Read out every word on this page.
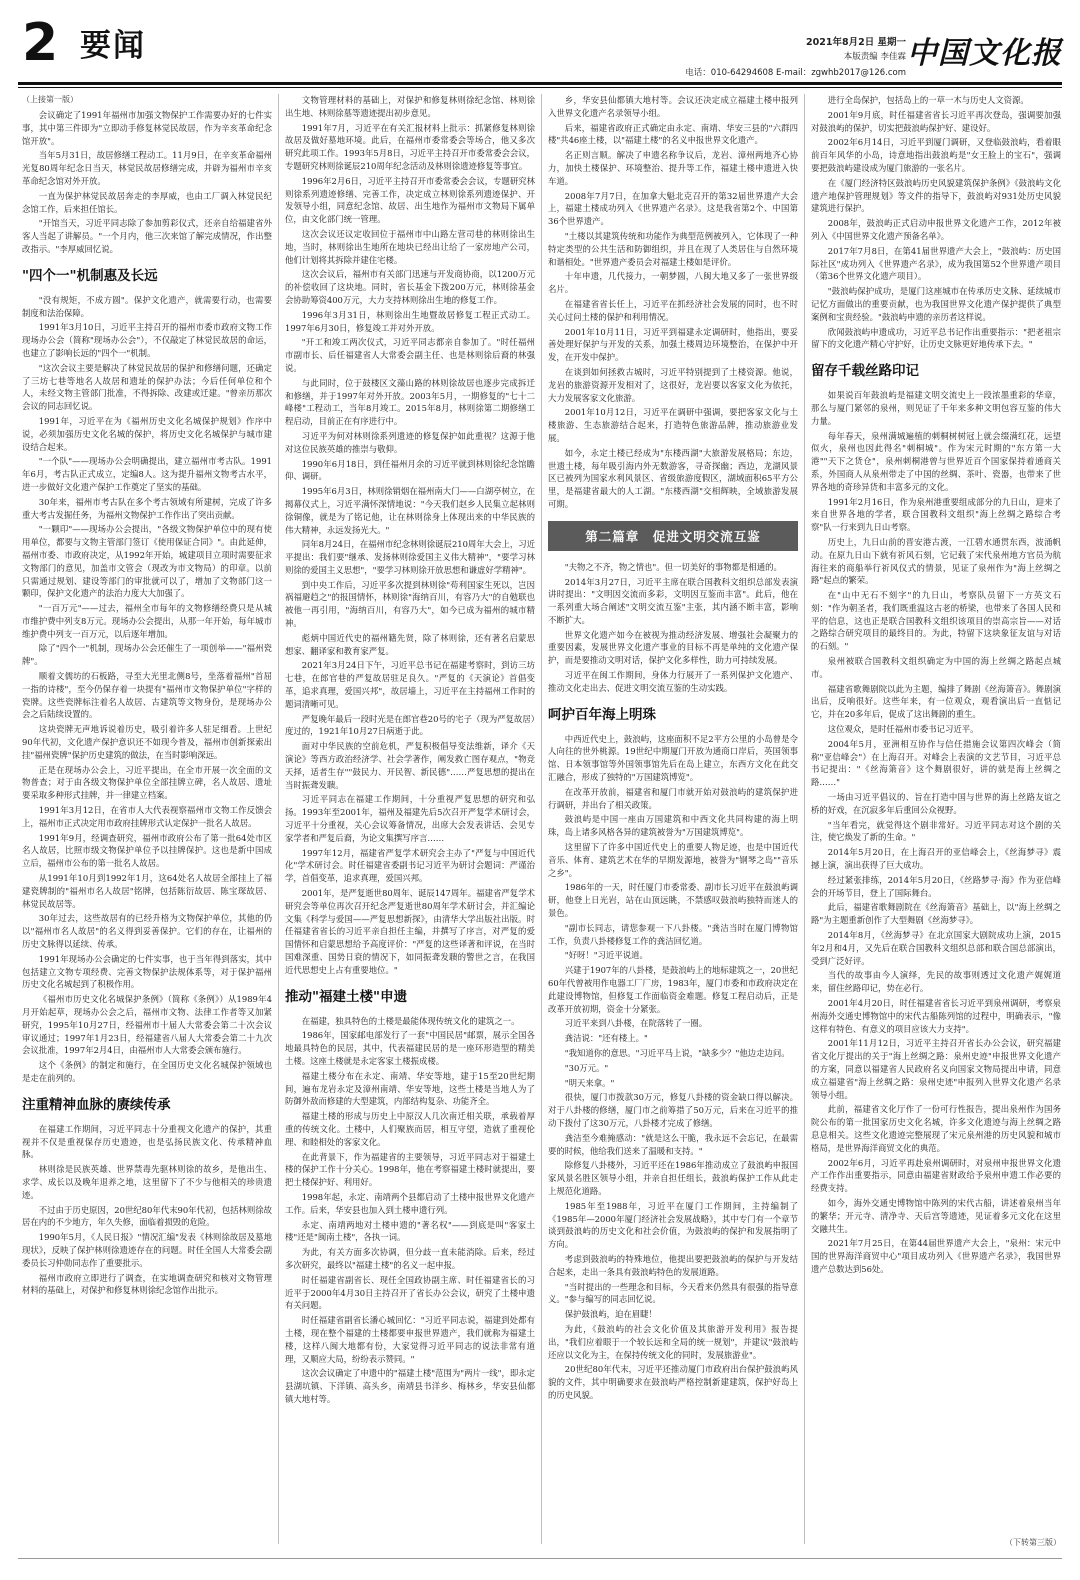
2 要闻	2021年8月2日 星期一
本版责编 李佳霖
电话：010-64294608 E-mail：zgwhb2017@126.com
中国文化报
（上接第一版）

会议确定了1991年福州市加强文物保护工作需要办好的七件实事，其中第三件即为"立即动手修复林觉民故居，作为辛亥革命纪念馆开放"。

当年5月31日，故居修缮工程动工。11月9日，在辛亥革命福州光复80周年纪念日当天，林觉民故居修缮完成，并辟为福州市辛亥革命纪念馆对外开放。

一直为保护林觉民故居奔走的李厚威，也由工厂调入林觉民纪念馆工作，后来担任馆长。

"开馆当天，习近平同志除了参加剪彩仪式，还亲自给福建省外客人当起了讲解员。"一个月内，他三次来馆了解完成情况，作出整改指示。"李厚威回忆说。

"四个一"机制惠及长远

"没有规矩，不成方圆"。保护文化遗产，就需要行动，也需要制度和法治保障。

1991年3月10日，习近平主持召开的福州市委市政府文物工作现场办公会（简称"现场办公会"），不仅敲定了林觉民故居的命运，也建立了影响长远的"四个一"机制。

"这次会议主要是解决了林觉民故居的保护和修缮问题，还确定了三坊七巷等地名人故居和遗址的保护办法；今后任何单位和个人，未经文物主管部门批准，不得拆除、改建或迁建。"曾亲历那次会议的同志回忆说。

1991年，习近平在为《福州历史文化名城保护规划》作序中说，必须加强历史文化名城的保护，将历史文化名城保护与城市建设结合起来。

"一个队"——现场办公会明确提出，建立福州市考古队。1991年6月，考古队正式成立，定编8人。这为提升福州文物考古水平，进一步做好文化遗产保护工作奠定了坚实的基础。

30年来，福州市考古队在多个考古领域有所建树，完成了许多重大考古发掘任务，为福州文物保护工作作出了突出贡献。

"一颗印"——现场办公会提出，"各级文物保护单位中的现有使用单位，都要与文物主管部门签订《使用保证合同》"。由此延伸，福州市委、市政府决定，从1992年开始，城建项目立项时需要征求文物部门的意见，加盖市文管会（现改为市文物局）的印章。以前只需通过规划、建设等部门的审批就可以了，增加了文物部门这一颗印，保护文化遗产的法治力度大大加强了。

"一百万元"——过去，福州全市每年的文物修缮经费只是从城市维护费中列支8万元。现场办公会提出，从那一年开始，每年城市维护费中列支一百万元，以后逐年增加。

除了"四个一"机制，现场办公会还催生了一项创举——"福州瓷牌"。

顺着文儒坊的石板路，寻至大光里北侧8号，坐落着福州"首屈一指的诗楼"，至今仍保存着一块提有"福州市文物保护单位"字样的瓷牌。这些瓷牌标注着名人故居、古建筑等文物身份，是现场办公会之后陆续设置的。

这块瓷牌无声地诉说着历史，吸引着许多人驻足细看。上世纪90年代初，文化遗产保护意识还不如现今普及，福州市创新探索出挂"福州瓷牌"保护历史建筑的做法，在当时影响深远。

正是在现场办公会上，习近平提出，在全市开展一次全面的文物普查；对于由各级文物保护单位全部挂牌立碑，名人故居、遗址要采取多种形式挂牌，并一律建立档案。

1991年3月12日，在省市人大代表视察福州市文物工作反馈会上，福州市正式决定用市政府挂牌形式认定保护一批名人故居。

1991年9月，经调查研究，福州市政府公布了第一批64处市区名人故居，比照市级文物保护单位予以挂牌保护。这也是新中国成立后，福州市公布的第一批名人故居。

从1991年10月到1992年1月，这64处名人故居全部挂上了福建瓷牌制的"福州市名人故居"铭牌，包括陈衍故居、陈宝琛故居、林觉民故居等。

30年过去，这些故居有的已经升格为文物保护单位，其他的仍以"福州市名人故居"的名义得到妥善保护。它们的存在，让福州的历史文脉得以延续、传承。

1991年现场办公会确定的七件实事，也于当年得到落实，其中包括建立文物专项经费、完善文物保护法规体系等，对于保护福州历史文化名城起到了积极作用。

《福州市历史文化名城保护条例》（简称《条例》）从1989年4月开始起草，现场办公会之后，福州市文物、法律工作者等又加紧研究，1995年10月27日，经福州市十届人大常委会第二十次会议审议通过；1997年1月23日，经福建省八届人大常委会第二十九次会议批准，1997年2月4日，由福州市人大常委会颁布施行。

这个《条例》的制定和施行，在全国历史文化名城保护领域也是走在前列的。

注重精神血脉的赓续传承

在福建工作期间，习近平同志十分重视文化遗产的保护，其重视并不仅是重视保存历史遗迹，也是弘扬民族文化、传承精神血脉。

林则徐是民族英雄、世界禁毒先驱林则徐的故乡，是他出生、求学、成长以及晚年退养之地，这里留下了不少与他相关的珍贵遗迹。

不过由于历史原因，20世纪80年代末90年代初，包括林则徐故居在内的不少地方，年久失修，面临着损毁的危险。

1990年5月，《人民日报》"情况汇编"发表《林则徐故居及墓地现状》，反映了保护林则徐遗迹存在的问题。时任全国人大常委会副委员长习仲勋同志作了重要批示。

福州市政府立即进行了调查，在实地调查研究和核对文物管理材料的基础上，对保护和修复林则徐纪念馆作出批示。

文物管理材料的基础上，对保护和修复林则徐纪念馆、林则徐出生地、林则徐墓等遗迹提出初步意见。

1991年7月，习近平在有关汇报材料上批示：抓紧修复林则徐故居及做好墓地环境。此后，在福州市委常委会等场合，他又多次研究此项工作。1993年5月8日，习近平主持召开市委常委会会议，专题研究林则徐诞辰210周年纪念活动及林则徐遗迹修复等事宜。

1996年2月6日，习近平主持召开市委常委会会议，专题研究林则徐系列遗迹修缮、完善工作，决定成立林则徐系列遗迹保护、开发领导小组，同意纪念馆、故居、出生地作为福州市文物局下属单位，由文化部门统一管理。

这次会议还议定收回位于福州市中山路左营司巷的林则徐出生地，当时，林则徐出生地所在地块已经出让给了一家房地产公司，他们计划将其拆除并建住宅楼。

这次会议后，福州市有关部门迅速与开发商协商，以1200万元的补偿收回了这块地。同时，省长基金下拨200万元，林则徐基金会协助筹资400万元，大力支持林则徐出生地的修复工作。

1996年3月31日，林则徐出生地暨故居修复工程正式动工。1997年6月30日，修复竣工并对外开放。

"开工和竣工两次仪式，习近平同志都亲自参加了。"时任福州市副市长、后任福建省人大常委会副主任、也是林则徐后裔的林强说。

与此同时，位于鼓楼区文藻山路的林则徐故居也逐步完成拆迁和修缮，并于1997年对外开放。2003年5月，一期修复的"七十二峰楼"工程动工，当年8月竣工。2015年8月，林则徐第二期修缮工程启动，目前正在有序进行中。

习近平为何对林则徐系列遗迹的修复保护如此重视？这源于他对这位民族英雄的推崇与敬仰。

1990年6月18日，到任福州月余的习近平就到林则徐纪念馆瞻仰、调研。

1995年6月3日，林则徐销烟在福州南大门——白湖亭树立，在揭幕仪式上，习近平满怀深情地说："今天我们赵乡人民集立起林则徐铜像，就是为了铭记他，让在林则徐身上体现出来的中华民族的伟大精神，永远发扬光大。"

同年8月24日，在福州市纪念林则徐诞辰210周年大会上，习近平提出：我们要"继承、发扬林则徐爱国主义伟大精神"，"要学习林则徐的爱国主义思想"，"要学习林则徐开放思想和谦虚好学精神"。

到中央工作后，习近平多次提到林则徐"苟利国家生死以，岂因祸福避趋之"的报国情怀，林则徐"海纳百川，有容乃大"的自勉联也被他一再引用，"海纳百川，有容乃大"，如今已成为福州的城市精神。

彪炳中国近代史的福州籍先贤，除了林则徐，还有著名启蒙思想家、翻译家和教育家严复。

2021年3月24日下午，习近平总书记在福建考察时，到访三坊七巷，在郎官巷的严复故居驻足良久。"严复的《天演论》首倡变革，追求真理，爱国兴邦"，故居墙上，习近平在主持福州工作时的题词清晰可见。

严复晚年最后一段时光是在郎官巷20号的宅子（现为严复故居）度过的，1921年10月27日病逝于此。

面对中华民族的空前危机，严复积极倡导变法维新，译介《天演论》等西方政治经济学、社会学著作，阐发救亡图存观点，"物竞天择，适者生存""鼓民力、开民智、新民德"……严复思想的提出在当时振聋发聩。

习近平同志在福建工作期间，十分重视严复思想的研究和弘扬。1993年至2001年，福州及福建先后5次召开严复学术研讨会，习近平十分重视，关心会议筹备情况，出席大会发表讲话、会见专家学者和严复后裔，为论文集撰写序言……

1997年12月，福建省严复学术研究会主办了"严复与中国近代化"学术研讨会。时任福建省委副书记习近平为研讨会题词：严谨治学，首倡变革，追求真理，爱国兴邦。

2001年，是严复逝世80周年、诞辰147周年。福建省严复学术研究会等单位再次召开纪念严复逝世80周年学术研讨会，并汇编论文集《科学与爱国——严复思想新探》，由清华大学出版社出版。时任福建省省长的习近平亲自担任主编，并撰写了序言，对严复的爱国情怀和启蒙思想给予高度评价："严复的这些译著和评说，在当时国难深重、国势日衰的情况下，如同振聋发聩的警世之言，在我国近代思想史上占有重要地位。"

推动"福建土楼"申遗

在福建，独具特色的土楼是最能体现传统文化的建筑之一。

1986年，国家邮电部发行了一套"中国民居"邮票，展示全国各地最具特色的民居，其中，代表福建民居的是一座环形造型的精美土楼。这座土楼就是永定客家土楼振成楼。

福建土楼分布在永定、南靖、华安等地，建于15至20世纪期间，遍布龙岩永定及漳州南靖、华安等地，这些土楼是当地人为了防御外敌而修建的大型建筑，内部结构复杂、功能齐全。

福建土楼的形成与历史上中原汉人几次南迁相关联，承载着厚重的传统文化。土楼中，人们聚族而居，相互守望，造就了重视伦理、和睦相处的客家文化。

在此背景下，作为福建省的主要领导，习近平同志对于福建土楼的保护工作十分关心。1998年，他在考察福建土楼时就提出，要把土楼保护好、利用好。

1998年起，永定、南靖两个县都启动了土楼申报世界文化遗产工作。后来，华安县也加入到土楼申遗行列。

永定、南靖两地对土楼申遗的"著名权"——到底是叫"客家土楼"还是"闽南土楼"，各执一词。

为此，有关方面多次协调，但分歧一直未能消除。后来，经过多次研究，最终以"福建土楼"的名义一起申报。

时任福建省副省长、现任全国政协副主席、时任福建省长的习近平于2000年4月30日主持召开了省长办公会议，研究了土楼申遗有关问题。

时任福建省副省长潘心城回忆："习近平同志说，福建到处都有土楼，现在整个福建的土楼都要申报世界遗产，我们就称为福建土楼，这样八闽大地都有份，大家觉得习近平同志的说法非常有道理，又顺应大局，纷纷表示赞同。"

这次会议确定了申遗中的"福建土楼"范围为"两片一线"，即永定县湖坑镇、下洋镇、高头乡，南靖县书洋乡、梅林乡，华安县仙都镇大地村等。

乡，华安县仙都镇大地村等。会议还决定成立福建土楼申报列入世界文化遗产名录领导小组。

后来，福建省政府正式确定由永定、南靖、华安三县的"六群四楼"共46座土楼，以"福建土楼"的名义申报世界文化遗产。

名正则言顺。解决了申遗名称争议后，龙岩、漳州两地齐心协力，加快土楼保护、环境整治、提升等工作，福建土楼申遗进入快车道。

2008年7月7日，在加拿大魁北克召开的第32届世界遗产大会上，福建土楼成功列入《世界遗产名录》。这是我省第2个、中国第36个世界遗产。

"土楼以其建筑传统和功能作为典型范例被列入，它体现了一种特定类型的公共生活和防御组织，并且在现了人类居住与自然环境和谐相处。"世界遗产委员会对福建土楼如是评价。

十年申遗，几代接力，一朝梦圆，八闽大地又多了一张世界级名片。

在福建省省长任上，习近平在抓经济社会发展的同时，也不时关心过问土楼的保护和利用情况。

2001年10月11日，习近平到福建永定调研时，他指出，要妥善处理好保护与开发的关系，加强土楼周边环境整治，在保护中开发，在开发中保护。

在谈到如何拯救古城时，习近平特别提到了土楼资源。他说，龙岩的旅游资源开发相对了，这很好，龙岩要以客家文化为依托，大力发展客家文化旅游。

2001年10月12日，习近平在调研中强调，要把客家文化与土楼旅游、生态旅游结合起来，打造特色旅游品牌，推动旅游业发展。

如今，永定土楼已经成为"东楼西湖"大旅游发展格局；东边，世遗土楼，每年吸引海内外无数游客，寻奇探幽；西边，龙湖风景区已被列为国家水利风景区、省级旅游度假区，湖域面积65平方公里，是福建省最大的人工湖。"东楼西湖"交相辉映，全域旅游发展可期。

第二篇章　促进文明交流互鉴

"夫物之不齐，物之情也"。但一切美好的事物都是相通的。

2014年3月27日，习近平主席在联合国教科文组织总部发表演讲时提出："文明因交流而多彩，文明因互鉴而丰富"。此后，他在一系列重大场合阐述"文明交流互鉴"主张，其内涵不断丰富，影响不断扩大。

世界文化遗产如今在被视为推动经济发展、增强社会凝聚力的重要因素，发展世界文化遗产事业的目标不再是单纯的文化遗产保护，而是要推动文明对话，保护文化多样性，助力可持续发展。

习近平在闽工作期间，身体力行展开了一系列保护文化遗产、推动文化走出去、促进文明交流互鉴的生动实践。

呵护百年海上明珠

中西近代史上，鼓浪屿，这座面积不足2平方公里的小岛曾是令人向往的世外桃源。19世纪中期厦门开放为通商口岸后，英国领事馆、日本领事馆等外国领事馆先后在岛上建立，东西方文化在此交汇融合，形成了独特的"万国建筑博览"。

在改革开放前，福建省和厦门市就开始对鼓浪屿的建筑保护进行调研，并出台了相关政策。

鼓浪屿是中国一座由万国建筑和中西文化共同构建的海上明珠，岛上诸多风格各异的建筑被誉为"万国建筑博览"。

这里留下了许多中国近代史上的重要人物足迹，也是中国近代音乐、体育、建筑艺术在华的早期发源地，被誉为"钢琴之岛""音乐之乡"。

1986年的一天，时任厦门市委常委、副市长习近平在鼓浪屿调研，他登上日光岩，站在山顶远眺，不禁感叹鼓浪屿独特而迷人的景色。

"副市长同志，请您参观一下八卦楼。"龚洁当时在厦门博物馆工作，负责八卦楼修复工作的龚洁回忆道。

"好呀！"习近平说道。

兴建于1907年的八卦楼，是鼓浪屿上的地标建筑之一，20世纪60年代曾被用作电器工厂厂房，1983年，厦门市委和市政府决定在此建设博物馆，但修复工作面临资金难题。修复工程启动后，正是改革开放初期，资金十分紧张。

习近平来到八卦楼，在院落转了一圈。

龚洁说："还有楼上。"

"我知道你的意思。"习近平马上说，"缺多少？"他边走边问。

"30万元。"

"明天来拿。"

很快，厦门市拨款30万元，修复八卦楼的资金缺口得以解决。对于八卦楼的修缮，厦门市之前筹措了50万元，后来在习近平的推动下拨付了这30万元，八卦楼才完成了修缮。

龚洁至今难掩感动："就是这么干脆，我永远不会忘记，在最需要的时候，他给我们送来了温暖和支持。"

除修复八卦楼外，习近平还在1986年推动成立了鼓浪屿申报国家风景名胜区领导小组，并亲自担任组长，鼓浪屿保护工作从此走上规范化道路。

1985年至1988年，习近平在厦门工作期间，主持编制了《1985年—2000年厦门经济社会发展战略》，其中专门有一个章节谈到鼓浪屿的历史文化和社会价值，为鼓浪屿的保护和发展指明了方向。

考虑到鼓浪屿的特殊地位，他提出要把鼓浪屿的保护与开发结合起来，走出一条具有鼓浪屿特色的发展道路。

"当时提出的一些理念和目标，今天看来仍然具有很强的指导意义。"参与编写的同志回忆说。

保护鼓浪屿，迫在眉睫！

为此，《鼓浪屿的社会文化价值及其旅游开发利用》报告提出，"我们应着眼于一个较长远和全局的统一规划"，并建议"鼓浪屿还应以文化为主，在保持传统文化的同时，发展旅游业"。

20世纪80年代末，习近平还推动厦门市政府出台保护鼓浪屿风貌的文件，其中明确要求在鼓浪屿严格控制新建建筑，保护好岛上的历史风貌。

进行全岛保护，包括岛上的一草一木与历史人文资源。

2001年9月底，时任福建省省长习近平再次登岛，强调要加强对鼓浪屿的保护，切实把鼓浪屿保护好、建设好。

2002年6月14日，习近平到厦门调研，又登临鼓浪屿，看着眼前百年风华的小岛，诗意地指出鼓浪屿是"女王脸上的宝石"，强调要把鼓浪屿建设成为厦门旅游的一张名片。

在《厦门经济特区鼓浪屿历史风貌建筑保护条例》《鼓浪屿文化遗产地保护管理规划》等文件的指导下，鼓浪屿对931处历史风貌建筑进行保护。

2008年，鼓浪屿正式启动申报世界文化遗产工作，2012年被列入《中国世界文化遗产预备名单》。

2017年7月8日，在第41届世界遗产大会上，"鼓浪屿：历史国际社区"成功列入《世界遗产名录》，成为我国第52个世界遗产项目（第36个世界文化遗产项目）。

"鼓浪屿保护成功，是厦门这座城市在传承历史文脉、延续城市记忆方面做出的重要贡献，也为我国世界文化遗产保护提供了典型案例和宝贵经验。"鼓浪屿申遗的亲历者这样说。

欣闻鼓浪屿申遗成功，习近平总书记作出重要指示："把老祖宗留下的文化遗产精心守护好，让历史文脉更好地传承下去。"

留存千载丝路印记

如果说百年鼓浪屿是福建文明交流史上一段浓墨重彩的华章，那么与厦门紧邻的泉州，则见证了千年来多种文明包容互鉴的伟大力量。

每年春天，泉州满城遍植的刺桐树树冠上就会缀满红花，远望似火，泉州也因此得名"刺桐城"。作为宋元时期的"东方第一大港""天下之货仓"，泉州刺桐港曾与世界近百个国家保持着通商关系，外国商人从泉州带走了中国的丝绸、茶叶、瓷器，也带来了世界各地的奇珍异货和丰富多元的文化。

1991年2月16日，作为泉州港重要组成部分的九日山，迎来了来自世界各地的学者，联合国教科文组织"海上丝绸之路综合考察"队一行来到九日山考察。

历史上，九日山前的晋安港古渡，一江碧水通贯东西，波涌帆动。在原九日山下就有祈风石刻，它记载了宋代泉州地方官员为航海往来的商船举行祈风仪式的情景，见证了泉州作为"海上丝绸之路"起点的繁荣。

在"山中无石不刻字"的九日山，考察队员留下一方英文石刻："作为朝圣者，我们既重温这古老的桥梁，也带来了各国人民和平的信息，这也正是联合国教科文组织该项目的崇高宗旨——对话之路综合研究项目的最终目的。为此，特留下这块象征友谊与对话的石刻。"

泉州被联合国教科文组织确定为中国的海上丝绸之路起点城市。

福建省歌舞剧院以此为主题，编排了舞剧《丝海箫音》。舞剧演出后，反响很好。这些年来，有一位观众，观看演出后一直惦记它，并在20多年后，促成了这出舞剧的重生。

这位观众，是时任福州市委书记习近平。

2004年5月，亚洲相互协作与信任措施会议第四次峰会（简称"亚信峰会"）在上海召开。对峰会上表演的文艺节目，习近平总书记提出："《丝海箫音》这个舞剧很好，讲的就是海上丝绸之路……"

一场由习近平倡议的、旨在打造中国与世界的海上丝路友谊之桥的好戏，在沉寂多年后重回公众视野。

"当年看完，就觉得这个剧非常好。习近平同志对这个剧的关注，使它焕发了新的生命。"

2014年5月20日，在上海召开的亚信峰会上，《丝海梦寻》震撼上演，演出获得了巨大成功。

经过紧张排练，2014年5月20日，《丝路梦寻·海》作为亚信峰会的开场节目，登上了国际舞台。

此后，福建省歌舞剧院在《丝海箫音》基础上，以"海上丝绸之路"为主题重新创作了大型舞剧《丝海梦寻》。

2014年8月，《丝海梦寻》在北京国家大剧院成功上演，2015年2月和4月，又先后在联合国教科文组织总部和联合国总部演出，受到广泛好评。

当代的故事由今人演绎，先民的故事则透过文化遗产娓娓道来，留住丝路印记，势在必行。

2001年4月20日，时任福建省省长习近平到泉州调研，考察泉州海外交通史博物馆中的宋代古船陈列馆的过程中，明确表示，"像这样有特色、有意义的项目应该大力支持"。

2001年11月12日，习近平主持召开省长办公会议，研究福建省文化厅提出的关于"海上丝绸之路：泉州史迹"申报世界文化遗产的方案，同意以福建省人民政府名义向国家文物局提出申请，同意成立福建省"海上丝绸之路：泉州史迹"申报列入世界文化遗产名录领导小组。

此前，福建省文化厅作了一份可行性报告，提出泉州作为国务院公布的第一批国家历史文化名城，许多文化遗迹与海上丝绸之路息息相关。这些文化遗迹完整展现了宋元泉州港的历史风貌和城市格局，是世界海洋商贸文化的典范。

2002年6月，习近平再赴泉州调研时，对泉州申报世界文化遗产工作作出重要指示，同意由福建省财政给予泉州申遗工作必要的经费支持。

如今，海外交通史博物馆中陈列的宋代古船，讲述着泉州当年的繁华；开元寺、清净寺、天后宫等遗迹，见证着多元文化在这里交融共生。

2021年7月25日，在第44届世界遗产大会上，"泉州：宋元中国的世界海洋商贸中心"项目成功列入《世界遗产名录》，我国世界遗产总数达到56处。

（下转第三版）
